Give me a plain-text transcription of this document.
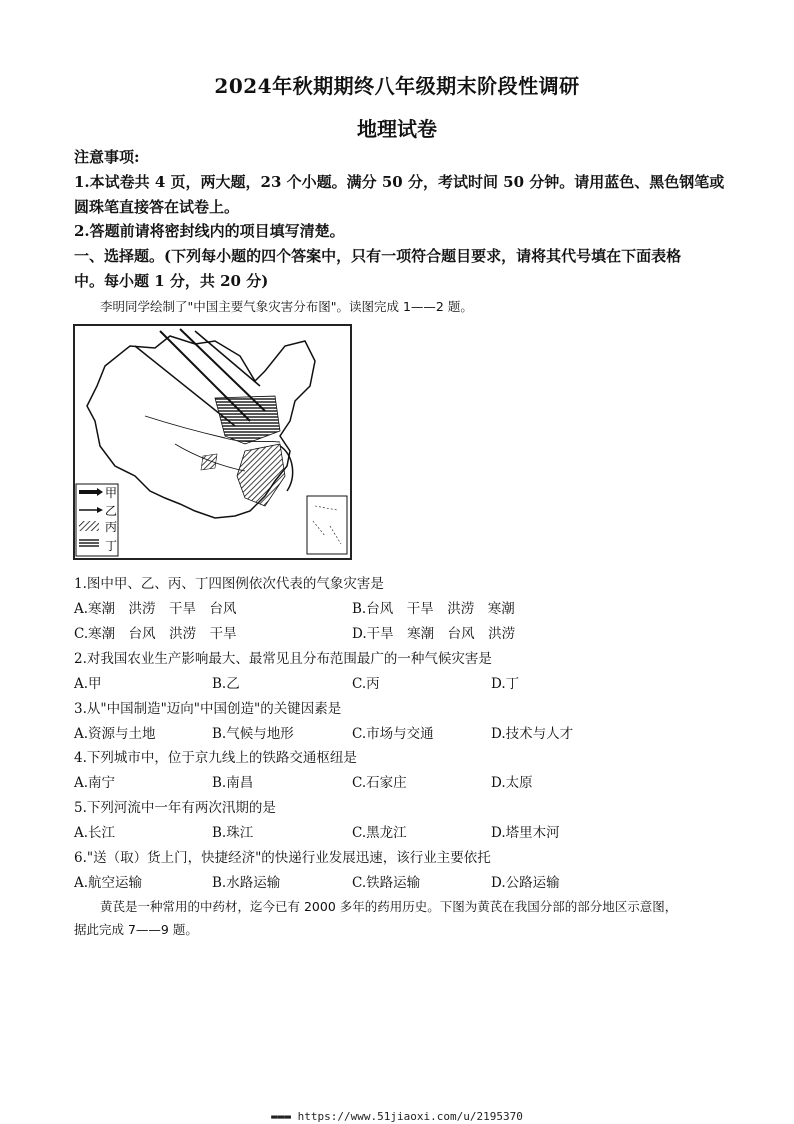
2024年秋期期终八年级期末阶段性调研
地理试卷
注意事项:
1.本试卷共 4 页，两大题，23 个小题。满分 50 分，考试时间 50 分钟。请用蓝色、黑色钢笔或
圆珠笔直接答在试卷上。
2.答题前请将密封线内的项目填写清楚。
一、选择题。(下列每小题的四个答案中，只有一项符合题目要求，请将其代号填在下面表格
中。每小题 1 分，共 20 分)
李明同学绘制了"中国主要气象灾害分布图"。读图完成 1——2 题。
甲
乙
丙
丁
1.图中甲、乙、丙、丁四图例依次代表的气象灾害是
A.寒潮　洪涝　干旱　台风	B.台风　干旱　洪涝　寒潮
C.寒潮　台风　洪涝　干旱	D.干旱　寒潮　台风　洪涝
2.对我国农业生产影响最大、最常见且分布范围最广的一种气候灾害是
A.甲	B.乙	C.丙	D.丁
3.从"中国制造"迈向"中国创造"的关键因素是
A.资源与土地	B.气候与地形	C.市场与交通	D.技术与人才
4.下列城市中，位于京九线上的铁路交通枢纽是
A.南宁	B.南昌	C.石家庄	D.太原
5.下列河流中一年有两次汛期的是
A.长江	B.珠江	C.黑龙江	D.塔里木河
6."送（取）货上门，快捷经济"的快递行业发展迅速，该行业主要依托
A.航空运输	B.水路运输	C.铁路运输	D.公路运输
黄芪是一种常用的中药材，迄今已有 2000 多年的药用历史。下图为黄芪在我国分部的部分地区示意图，
据此完成 7——9 题。
▬▬▬ https://www.51jiaoxi.com/u/2195370
